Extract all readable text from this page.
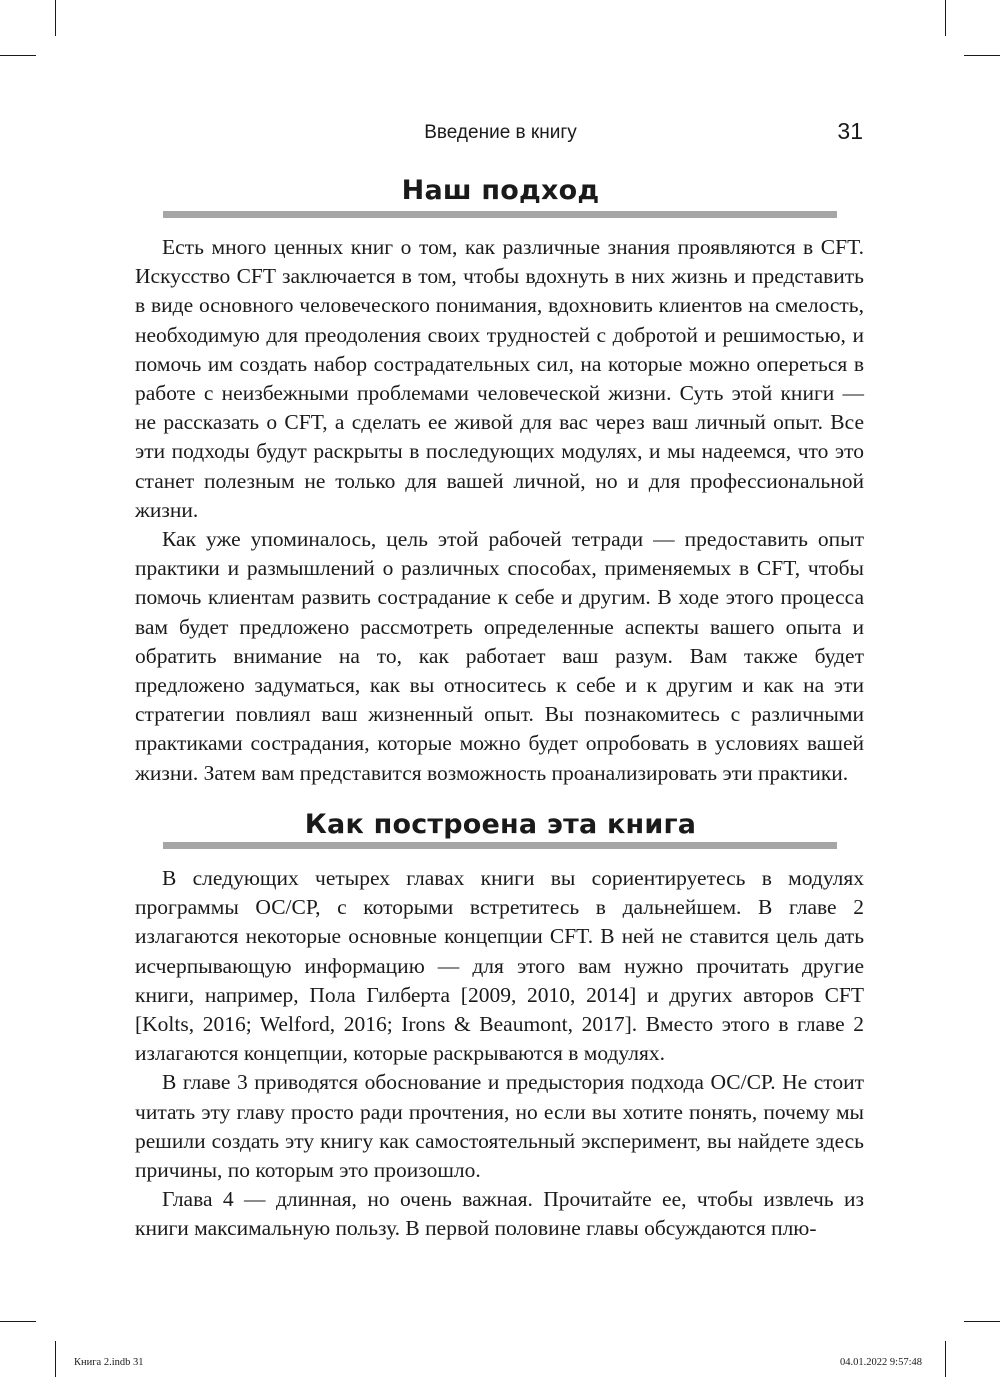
Введение в книгу	31
Наш подход

Есть много ценных книг о том, как различные знания проявляются в CFT. Искусство CFT заключается в том, чтобы вдохнуть в них жизнь и представить в виде основного человеческого понимания, вдохновить клиентов на смелость, необходимую для преодоления своих трудностей с добротой и решимостью, и помочь им создать набор сострадательных сил, на которые можно опереться в работе с неизбежными проблемами человеческой жизни. Суть этой книги — не рассказать о CFT, а сделать ее живой для вас через ваш личный опыт. Все эти подходы будут раскрыты в последующих модулях, и мы надеемся, что это станет полезным не только для вашей личной, но и для профессиональной жизни.

Как уже упоминалось, цель этой рабочей тетради — предоставить опыт практики и размышлений о различных способах, применяемых в CFT, чтобы помочь клиентам развить сострадание к себе и другим. В ходе этого процесса вам будет предложено рассмотреть определенные аспекты вашего опыта и обратить внимание на то, как работает ваш разум. Вам также будет предложено задуматься, как вы относитесь к себе и к другим и как на эти стратегии повлиял ваш жизненный опыт. Вы познакомитесь с различными практиками сострадания, которые можно будет опробовать в условиях вашей жизни. Затем вам представится возможность проанализировать эти практики.

Как построена эта книга

В следующих четырех главах книги вы сориентируетесь в модулях программы ОС/СР, с которыми встретитесь в дальнейшем. В главе 2 излагаются некоторые основные концепции CFT. В ней не ставится цель дать исчерпывающую информацию — для этого вам нужно прочитать другие книги, например, Пола Гилберта [2009, 2010, 2014] и других авторов CFT [Kolts, 2016; Welford, 2016; Irons & Beaumont, 2017]. Вместо этого в главе 2 излагаются концепции, которые раскрываются в модулях.

В главе 3 приводятся обоснование и предыстория подхода ОС/СР. Не стоит читать эту главу просто ради прочтения, но если вы хотите понять, почему мы решили создать эту книгу как самостоятельный эксперимент, вы найдете здесь причины, по которым это произошло.

Глава 4 — длинная, но очень важная. Прочитайте ее, чтобы извлечь из книги максимальную пользу. В первой половине главы обсуждаются плю-

Книга 2.indb 31	04.01.2022 9:57:48
